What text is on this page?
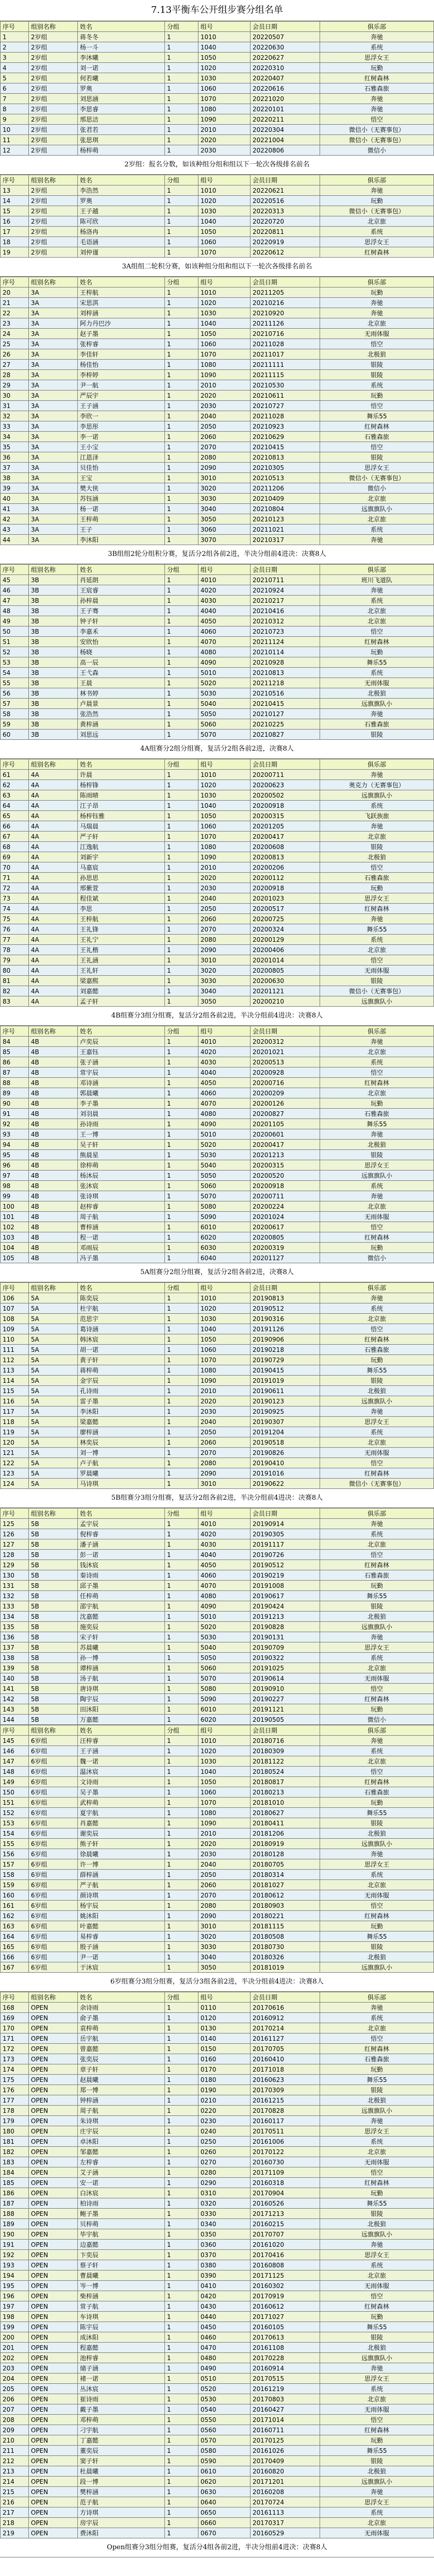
7.13平衡车公开组步赛分组名单
序号	组别名称	姓名	分组	组号	会员日期	俱乐部
1	2岁组	蒋冬冬	1	1010	20220507	奔驰
2	2岁组	杨一斗	1	1040	20220630	系统
3	2岁组	李沐曦	1	1050	20220627	思浮女王
4	2岁组	刘一诺	1	1020	20220310	玩勤
5	2岁组	何若曦	1	1030	20220407	红树森林
6	2岁组	罗奥	1	1060	20220616	石雅森旅
7	2岁组	刘思涵	1	1070	20221020	奔驰
8	2岁组	李思睿	1	1080	20220101	奔驰
9	2岁组	邢思洁	1	1090	20220211	悟空
10	2岁组	张君若	1	2010	20220304	微信小（无赛事包）
11	2岁组	张思琪	1	2020	20221004	微信小（无赛事包）
12	2岁组	杨梓萌	1	2030	20220806	微信小
2岁组：报名分数，如该种组分组和组以下一轮次各级排名前名
序号	组别名称	姓名	分组	组号	会员日期	俱乐部
13	2岁组	李浩然	1	1010	20220621	奔驰
14	2岁组	罗奥	1	1020	20220516	玩勤
15	2岁组	王子越	1	1030	20220313	微信小（无赛事包）
16	2岁组	陈可欣	1	1040	20220720	北京旅
17	2岁组	杨洛冉	1	1050	20220811	系统
18	2岁组	毛语涵	1	1060	20220919	思浮女王
19	2岁组	刘仲谨	1	1070	20220612	红树森林
3A组组二轮积分赛，如该种组分组和组以下一轮次各级排名前名
序号	组别名称	姓名	分组	组号	会员日期	俱乐部
20	3A	王梓航	1	1010	20211205	玩勤
21	3A	宋思淇	1	1020	20210216	奔驰
22	3A	刘梓涵	1	1030	20210920	奔驰
23	3A	阿力丹巴沙	1	1040	20211126	北京旅
24	3A	赵子墨	1	1050	20210716	无雨体服
25	3A	张梓睿	1	1060	20211028	悟空
26	3A	李佳轩	1	1070	20211017	北极狼
27	3A	杨佳怡	1	1080	20211111	银陵
28	3A	李梓婷	1	1090	20211115	银陵
29	3A	尹一航	1	2010	20210530	系统
30	3A	严辰宇	1	2020	20210611	玩勤
31	3A	王子涵	1	2030	20210727	悟空
32	3A	李欣一	1	2040	20211028	舞乐55
33	3A	李思彤	1	2050	20210923	红树森林
34	3A	李一诺	1	2060	20210629	石雅森旅
35	3A	王小宝	1	2070	20210415	悟空
36	3A	江恩泽	1	2080	20210813	银陵
37	3A	贝佳怡	1	2090	20210305	思浮女王
38	3A	王宝	1	3010	20210513	微信小（无赛事包）
39	3A	樊大侠	1	3020	20211206	微信小
40	3A	苏钰涵	1	3030	20210409	北京旅
41	3A	杨一诺	1	3040	20210804	远旗旗队小
42	3A	王梓萌	1	3050	20210123	北京旅
43	3A	王子	1	3060	20211021	系统
44	3A	李沐阳	1	3070	20210317	奔驰
3B组组2轮分组积分赛，复活分2组各前2进，半决分组前4进决：决赛8人
序号	组别名称	姓名	分组	组号	会员日期	俱乐部
45	3B	肖延朗	1	4010	20210711	班川飞道队
46	3B	王宸睿	1	4020	20210924	奔驰
47	3B	孙梓晨	1	4030	20210217	系统
48	3B	王子骞	1	4040	20210416	北京旅
49	3B	钟子轩	1	4050	20210312	北京旅
50	3B	李嘉禾	1	4060	20210723	悟空
51	3B	安欣怡	1	4070	20211124	红树森林
52	3B	杨晓	1	4080	20210114	玩勤
53	3B	高一辰	1	4090	20210928	舞乐55
54	3B	王弋森	1	5010	20210813	系统
55	3B	王晨	1	5020	20211218	无雨体服
56	3B	林书婷	1	5030	20210516	北极狼
57	3B	卢晨景	1	5040	20210415	远旗旗队小
58	3B	张浩然	1	5050	20210127	奔驰
59	3B	黄梓涵	1	5060	20210225	石雅森旅
60	3B	刘思远	1	5070	20210827	银陵
4A组赛分2组分组赛，复活分2组各前2进，决赛8人
序号	组别名称	姓名	分组	组号	会员日期	俱乐部
61	4A	许晨	1	1010	20200711	奔驰
62	4A	杨梓锋	1	1020	20200623	奥克力（无赛事包）
63	4A	陈雨晴	1	1030	20200502	远旗旗队小
64	4A	江子昂	1	1040	20200918	系统
65	4A	杨梓钰雅	1	1050	20200315	飞跃族旅
66	4A	马瑞晨	1	1060	20201205	奔驰
67	4A	严子轩	1	1070	20200417	北京旅
68	4A	江逸航	1	1080	20200608	银陵
69	4A	刘新宇	1	1090	20200813	北极狼
70	4A	马嘉宸	1	2010	20200206	悟空
71	4A	孙思思	1	2020	20200112	石雅森旅
72	4A	邢紫萱	1	2030	20200918	玩勤
73	4A	程佳斌	1	2040	20201023	思浮女王
74	4A	李思	1	2050	20200517	红树森林
75	4A	王梓航	1	2060	20200725	奔驰
76	4A	王礼锋	1	2070	20200324	舞乐55
77	4A	王礼宁	1	2080	20200129	系统
78	4A	王礼楷	1	2090	20200406	北京旅
79	4A	王礼涵	1	3010	20201014	悟空
80	4A	王礼轩	1	3020	20200805	无雨体服
81	4A	梁嘉熙	1	3030	20200630	银陵
82	4A	刘嘉懿	1	3040	20201121	微信小（无赛事包）
83	4A	孟子轩	1	3050	20200210	远旗旗队小
4B组赛分3组分组赛，复活分2组各前2进，半决分组前4进决：决赛8人
序号	组别名称	姓名	分组	组号	会员日期	俱乐部
84	4B	卢奕辰	1	4010	20200312	奔驰
85	4B	王嘉钰	1	4020	20201021	北京旅
86	4B	张子涵	1	4030	20200513	系统
87	4B	常宇辰	1	4040	20200928	悟空
88	4B	邓诗涵	1	4050	20200716	红树森林
89	4B	郭晨曦	1	4060	20200209	北京旅
90	4B	李子墨	1	4070	20200126	玩勤
91	4B	刘羽晨	1	4080	20200827	石雅森旅
92	4B	孙诗雨	1	4090	20201105	舞乐55
93	4B	王一博	1	5010	20200601	奔驰
94	4B	吴子轩	1	5020	20200417	北极狼
95	4B	熊晨星	1	5030	20201213	银陵
96	4B	徐梓萌	1	5040	20200315	思浮女王
97	4B	杨沐辰	1	5050	20200520	远旗旗队小
98	4B	张沐宸	1	5060	20200918	系统
99	4B	张诗琪	1	5070	20200711	奔驰
100	4B	赵梓睿	1	5080	20200224	北京旅
101	4B	周子航	1	5090	20201024	无雨体服
102	4B	曹梓涵	1	6010	20200617	悟空
103	4B	程一诺	1	6020	20200805	红树森林
104	4B	邓雨辰	1	6030	20200319	玩勤
105	4B	冯子墨	1	6040	20201127	微信小
5A组赛分2组分组赛，复活分2组各前2进，决赛8人
序号	组别名称	姓名	分组	组号	会员日期	俱乐部
106	5A	陈奕辰	1	1010	20190813	奔驰
107	5A	杜宇航	1	1020	20190512	系统
108	5A	范思宇	1	1030	20190316	北京旅
109	5A	葛诗涵	1	1040	20191126	悟空
110	5A	韩沐宸	1	1050	20190906	红树森林
111	5A	胡一诺	1	1060	20190218	石雅森旅
112	5A	黄子轩	1	1070	20190729	玩勤
113	5A	蒋梓萌	1	1080	20190415	舞乐55
114	5A	金宇辰	1	1090	20191019	银陵
115	5A	孔诗雨	1	2010	20190611	北极狼
116	5A	雷子墨	1	2020	20190123	远旗旗队小
117	5A	李沐阳	1	2030	20190925	奔驰
118	5A	梁嘉懿	1	2040	20190307	思浮女王
119	5A	廖梓涵	1	2050	20191204	系统
120	5A	林奕辰	1	2060	20190518	北京旅
121	5A	刘一博	1	2070	20190826	无雨体服
122	5A	卢子航	1	2080	20190410	悟空
123	5A	罗晨曦	1	2090	20191016	红树森林
124	5A	马诗琪	1	3010	20190622	微信小（无赛事包）
5B组赛分3组分组赛，复活分2组各前2进，半决分组前4进决：决赛8人
序号	组别名称	姓名	分组	组号	会员日期	俱乐部
125	5B	孟宇辰	1	4010	20190914	奔驰
126	5B	倪梓睿	1	4020	20190305	系统
127	5B	潘子涵	1	4030	20191117	北京旅
128	5B	彭一诺	1	4040	20190726	悟空
129	5B	钱沐宸	1	4050	20190512	红树森林
130	5B	秦诗雨	1	4060	20190219	石雅森旅
131	5B	邱子墨	1	4070	20191008	玩勤
132	5B	任梓萌	1	4080	20190617	舞乐55
133	5B	邵宇航	1	4090	20190424	银陵
134	5B	沈嘉懿	1	5010	20191213	北极狼
135	5B	施奕辰	1	5020	20190828	远旗旗队小
136	5B	宋子轩	1	5030	20190131	奔驰
137	5B	苏晨曦	1	5040	20190709	思浮女王
138	5B	孙一博	1	5050	20190322	系统
139	5B	谭梓涵	1	5060	20191025	北京旅
140	5B	汤子航	1	5070	20190614	无雨体服
141	5B	唐诗琪	1	5080	20190910	悟空
142	5B	陶宇辰	1	5090	20190227	红树森林
143	5B	田沐阳	1	6010	20191121	玩勤
144	5B	万嘉懿	1	6020	20190505	微信小
序号	组别名称	姓名	分组	组号	会员日期	俱乐部
145	6岁组	汪梓睿	1	1010	20180716	奔驰
146	6岁组	王子涵	1	1020	20180309	系统
147	6岁组	魏一诺	1	1030	20181122	北京旅
148	6岁组	温沐宸	1	1040	20180524	悟空
149	6岁组	文诗雨	1	1050	20180817	红树森林
150	6岁组	吴子墨	1	1060	20180213	石雅森旅
151	6岁组	武梓萌	1	1070	20181010	玩勤
152	6岁组	夏宇航	1	1080	20180627	舞乐55
153	6岁组	肖嘉懿	1	1090	20180411	银陵
154	6岁组	谢奕辰	1	2010	20181206	北极狼
155	6岁组	熊子轩	1	2020	20180919	远旗旗队小
156	6岁组	徐晨曦	1	2030	20180128	奔驰
157	6岁组	许一博	1	2040	20180705	思浮女王
158	6岁组	薛梓涵	1	2050	20180314	系统
159	6岁组	严子航	1	2060	20181027	北京旅
160	6岁组	颜诗琪	1	2070	20180612	无雨体服
161	6岁组	杨宇辰	1	2080	20180903	悟空
162	6岁组	姚沐阳	1	2090	20180221	红树森林
163	6岁组	叶嘉懿	1	3010	20181115	玩勤
164	6岁组	易梓睿	1	3020	20180508	舞乐55
165	6岁组	殷子涵	1	3030	20180730	银陵
166	6岁组	尹一诺	1	3040	20180326	北极狼
167	6岁组	于沐宸	1	3050	20181019	远旗旗队小
6岁组赛分3组分组赛，复活分3组各前2进，半决分组前4进决：决赛8人
序号	组别名称	姓名	分组	组号	会员日期	俱乐部
168	OPEN	余诗雨	1	0110	20170616	奔驰
169	OPEN	俞子墨	1	0120	20160912	系统
170	OPEN	袁梓萌	1	0130	20170214	北京旅
171	OPEN	岳宇航	1	0140	20161127	悟空
172	OPEN	曾嘉懿	1	0150	20170705	红树森林
173	OPEN	张奕辰	1	0160	20160410	石雅森旅
174	OPEN	章子轩	1	0170	20171018	玩勤
175	OPEN	赵晨曦	1	0180	20160623	舞乐55
176	OPEN	郑一博	1	0190	20170309	银陵
177	OPEN	钟梓涵	1	0210	20161215	北极狼
178	OPEN	周子航	1	0220	20170828	远旗旗队小
179	OPEN	朱诗琪	1	0230	20160117	奔驰
180	OPEN	庄宇辰	1	0240	20170511	思浮女王
181	OPEN	卓沐阳	1	0250	20161006	系统
182	OPEN	邹嘉懿	1	0260	20170122	北京旅
183	OPEN	左梓睿	1	0270	20160730	无雨体服
184	OPEN	艾子涵	1	0280	20171109	悟空
185	OPEN	安一诺	1	0290	20160318	红树森林
186	OPEN	白沐宸	1	0310	20170904	玩勤
187	OPEN	柏诗雨	1	0320	20160526	舞乐55
188	OPEN	鲍子墨	1	0330	20171213	银陵
189	OPEN	贝梓萌	1	0340	20160215	北极狼
190	OPEN	毕宇航	1	0350	20170707	远旗旗队小
191	OPEN	边嘉懿	1	0360	20161020	奔驰
192	OPEN	卞奕辰	1	0370	20170416	思浮女王
193	OPEN	蔡子轩	1	0380	20160808	系统
194	OPEN	曹晨曦	1	0390	20171125	北京旅
195	OPEN	岑一博	1	0410	20160302	无雨体服
196	OPEN	柴梓涵	1	0420	20170919	悟空
197	OPEN	常子航	1	0430	20160612	红树森林
198	OPEN	车诗琪	1	0440	20171027	玩勤
199	OPEN	陈宇辰	1	0450	20160105	舞乐55
200	OPEN	成沐阳	1	0460	20170613	银陵
201	OPEN	程嘉懿	1	0470	20161108	北极狼
202	OPEN	池梓睿	1	0480	20170228	远旗旗队小
203	OPEN	储子涵	1	0490	20160914	奔驰
204	OPEN	褚一诺	1	0510	20170515	思浮女王
205	OPEN	丛沐宸	1	0520	20161219	系统
206	OPEN	崔诗雨	1	0530	20170803	北京旅
207	OPEN	戴子墨	1	0540	20160427	无雨体服
208	OPEN	邓梓萌	1	0550	20171014	悟空
209	OPEN	刁宇航	1	0560	20160711	红树森林
210	OPEN	丁嘉懿	1	0570	20170125	玩勤
211	OPEN	董奕辰	1	0580	20161026	舞乐55
212	OPEN	窦子轩	1	0590	20170409	银陵
213	OPEN	杜晨曦	1	0610	20160820	北极狼
214	OPEN	段一博	1	0620	20171201	远旗旗队小
215	OPEN	樊梓涵	1	0630	20160208	奔驰
216	OPEN	范子航	1	0640	20170724	思浮女王
217	OPEN	方诗琪	1	0650	20161113	系统
218	OPEN	房宇辰	1	0660	20170317	北京旅
219	OPEN	费沐阳	1	0670	20160529	无雨体服
Open组赛分3组分组赛，复活分4组各前2进，半决分组前4进决：决赛8人
